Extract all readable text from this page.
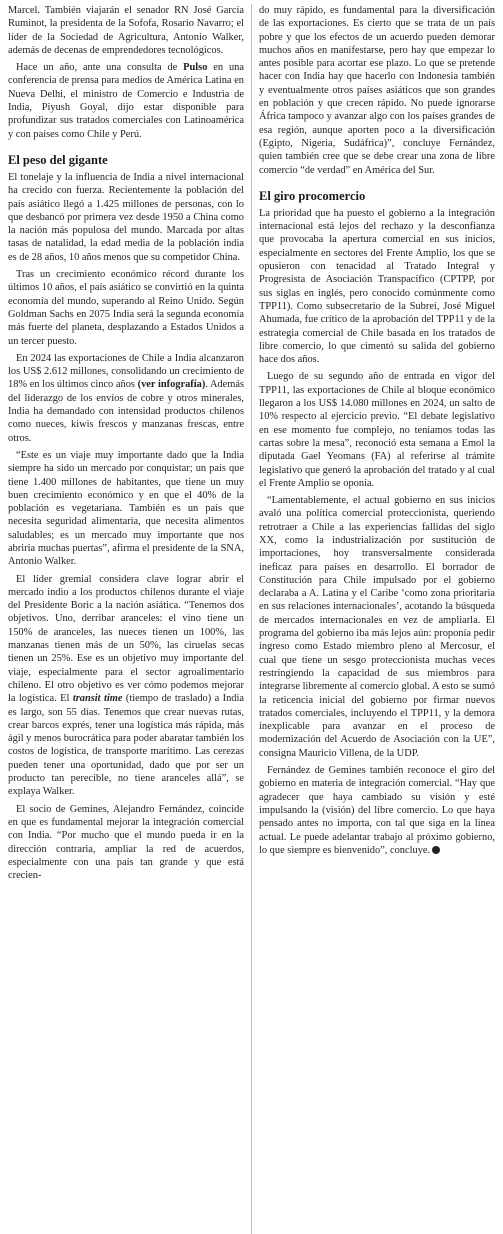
Marcel. También viajarán el senador RN José García Ruminot, la presidenta de la Sofofa, Rosario Navarro; el líder de la Sociedad de Agricultura, Antonio Walker, además de decenas de emprendedores tecnológicos.

Hace un año, ante una consulta de Pulso en una conferencia de prensa para medios de América Latina en Nueva Delhi, el ministro de Comercio e Industria de India, Piyush Goyal, dijo estar disponible para profundizar sus tratados comerciales con Latinoamérica y con países como Chile y Perú.

El peso del gigante

El tonelaje y la influencia de India a nivel internacional ha crecido con fuerza. Recientemente la población del país asiático llegó a 1.425 millones de personas, con lo que desbancó por primera vez desde 1950 a China como la nación más populosa del mundo. Marcada por altas tasas de natalidad, la edad media de la población india es de 28 años, 10 años menos que su competidor China.

Tras un crecimiento económico récord durante los últimos 10 años, el país asiático se convirtió en la quinta economía del mundo, superando al Reino Unido. Según Goldman Sachs en 2075 India será la segunda economía más fuerte del planeta, desplazando a Estados Unidos a un tercer puesto.

En 2024 las exportaciones de Chile a India alcanzaron los US$ 2.612 millones, consolidando un crecimiento de 18% en los últimos cinco años (ver infografía). Además del liderazgo de los envíos de cobre y otros minerales, India ha demandado con intensidad productos chilenos como nueces, kiwis frescos y manzanas frescas, entre otros.

“Este es un viaje muy importante dado que la India siempre ha sido un mercado por conquistar; un país que tiene 1.400 millones de habitantes, que tiene un muy buen crecimiento económico y en que el 40% de la población es vegetariana. También es un país que necesita seguridad alimentaria, que necesita alimentos saludables; es un mercado muy importante que nos abriría muchas puertas”, afirma el presidente de la SNA, Antonio Walker.

El líder gremial considera clave lograr abrir el mercado indio a los productos chilenos durante el viaje del Presidente Boric a la nación asiática. “Tenemos dos objetivos. Uno, derribar aranceles: el vino tiene un 150% de aranceles, las nueces tienen un 100%, las manzanas tienen más de un 50%, las ciruelas secas tienen un 25%. Ese es un objetivo muy importante del viaje, especialmente para el sector agroalimentario chileno. El otro objetivo es ver cómo podemos mejorar la logística. El transit time (tiempo de traslado) a India es largo, son 55 días. Tenemos que crear nuevas rutas, crear barcos exprés, tener una logística más rápida, más ágil y menos burocrática para poder abaratar también los costos de logística, de transporte marítimo. Las cerezas pueden tener una oportunidad, dado que por ser un producto tan perecible, no tiene aranceles allá”, se explaya Walker.

El socio de Gemines, Alejandro Fernández, coincide en que es fundamental mejorar la integración comercial con India. “Por mucho que el mundo pueda ir en la dirección contraria, ampliar la red de acuerdos, especialmente con una país tan grande y que está crecien-

do muy rápido, es fundamental para la diversificación de las exportaciones. Es cierto que se trata de un país pobre y que los efectos de un acuerdo pueden demorar muchos años en manifestarse, pero hay que empezar lo antes posible para acortar ese plazo. Lo que se pretende hacer con India hay que hacerlo con Indonesia también y eventualmente otros países asiáticos que son grandes en población y que crecen rápido. No puede ignorarse África tampoco y avanzar algo con los países grandes de esa región, aunque aporten poco a la diversificación (Egipto, Nigeria, Sudáfrica)”, concluye Fernández, quien también cree que se debe crear una zona de libre comercio “de verdad” en América del Sur.

El giro procomercio

La prioridad que ha puesto el gobierno a la integración internacional está lejos del rechazo y la desconfianza que provocaba la apertura comercial en sus inicios, especialmente en sectores del Frente Amplio, los que se opusieron con tenacidad al Tratado Integral y Progresista de Asociación Transpacífico (CPTPP, por sus siglas en inglés, pero conocido comúnmente como TPP11). Como subsecretario de la Subrei, José Miguel Ahumada, fue crítico de la aprobación del TPP11 y de la estrategia comercial de Chile basada en los tratados de libre comercio, lo que cimentó su salida del gobierno hace dos años.

Luego de su segundo año de entrada en vigor del TPP11, las exportaciones de Chile al bloque económico llegaron a los US$ 14.080 millones en 2024, un salto de 10% respecto al ejercicio previo. “El debate legislativo en ese momento fue complejo, no teníamos todas las cartas sobre la mesa”, reconoció esta semana a Emol la diputada Gael Yeomans (FA) al referirse al trámite legislativo que generó la aprobación del tratado y al cual el Frente Amplio se oponía.

“Lamentablemente, el actual gobierno en sus inicios avaló una política comercial proteccionista, queriendo retrotraer a Chile a las experiencias fallidas del siglo XX, como la industrialización por sustitución de importaciones, hoy transversalmente considerada ineficaz para países en desarrollo. El borrador de Constitución para Chile impulsado por el gobierno declaraba a A. Latina y el Caribe ‘como zona prioritaria en sus relaciones internacionales’, acotando la búsqueda de mercados internacionales en vez de ampliarla. El programa del gobierno iba más lejos aún: proponía pedir ingreso como Estado miembro pleno al Mercosur, el cual que tiene un sesgo proteccionista muchas veces restringiendo la capacidad de sus miembros para integrarse libremente al comercio global. A esto se sumó la reticencia inicial del gobierno por firmar nuevos tratados comerciales, incluyendo el TPP11, y la demora inexplicable para avanzar en el proceso de modernización del Acuerdo de Asociación con la UE”, consigna Mauricio Villena, de la UDP.

Fernández de Gemines también reconoce el giro del gobierno en materia de integración comercial. “Hay que agradecer que haya cambiado su visión y esté impulsando la (visión) del libre comercio. Lo que haya pensado antes no importa, con tal que siga en la línea actual. Le puede adelantar trabajo al próximo gobierno, lo que siempre es bienvenido”, concluye.
